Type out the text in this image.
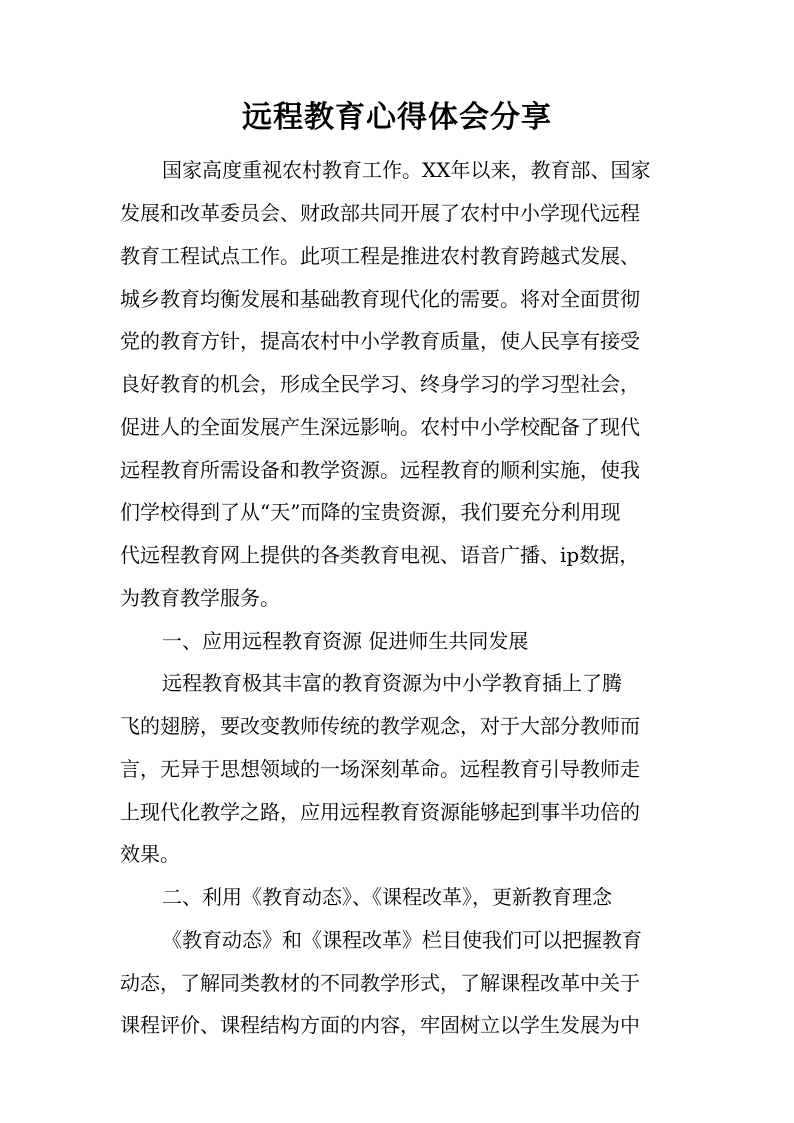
远程教育心得体会分享
国家高度重视农村教育工作。XX年以来，教育部、国家
发展和改革委员会、财政部共同开展了农村中小学现代远程
教育工程试点工作。此项工程是推进农村教育跨越式发展、
城乡教育均衡发展和基础教育现代化的需要。将对全面贯彻
党的教育方针，提高农村中小学教育质量，使人民享有接受
良好教育的机会，形成全民学习、终身学习的学习型社会，
促进人的全面发展产生深远影响。农村中小学校配备了现代
远程教育所需设备和教学资源。远程教育的顺利实施，使我
们学校得到了从“天”而降的宝贵资源，我们要充分利用现
代远程教育网上提供的各类教育电视、语音广播、ip数据，
为教育教学服务。
一、应用远程教育资源 促进师生共同发展
远程教育极其丰富的教育资源为中小学教育插上了腾
飞的翅膀，要改变教师传统的教学观念，对于大部分教师而
言，无异于思想领域的一场深刻革命。远程教育引导教师走
上现代化教学之路，应用远程教育资源能够起到事半功倍的
效果。
二、利用《教育动态》、《课程改革》，更新教育理念
《教育动态》和《课程改革》栏目使我们可以把握教育
动态，了解同类教材的不同教学形式，了解课程改革中关于
课程评价、课程结构方面的内容，牢固树立以学生发展为中
